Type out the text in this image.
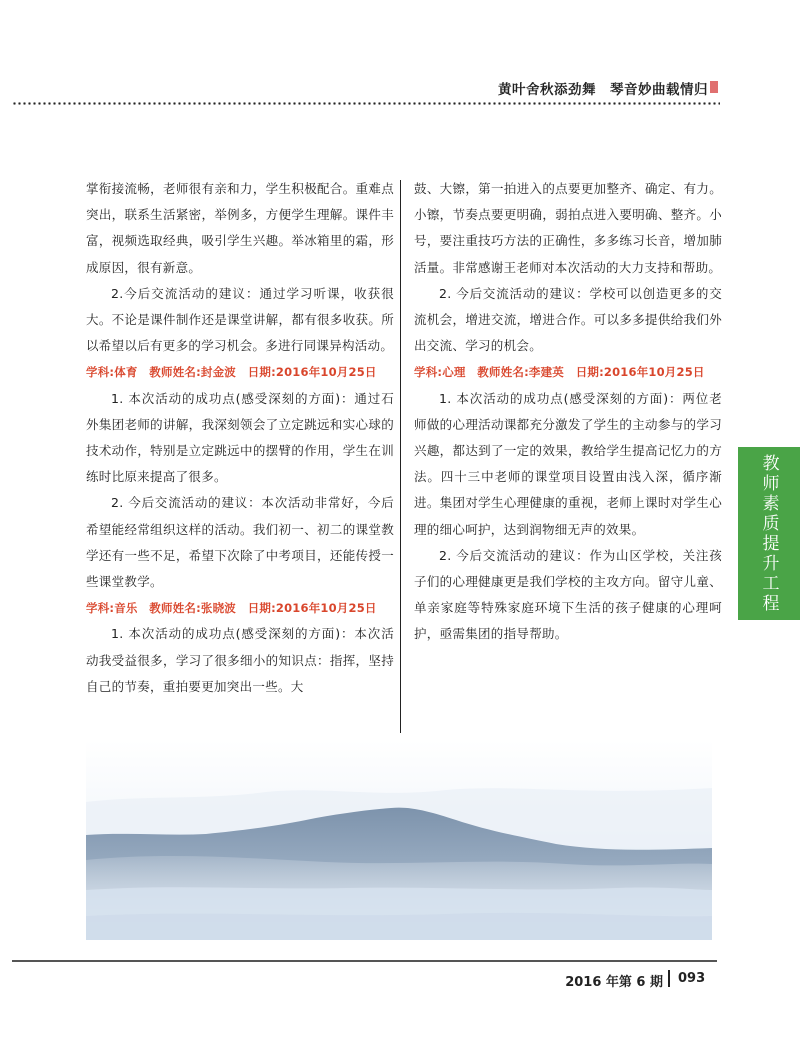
黄叶舍秋添劲舞　琴音妙曲载情归

掌衔接流畅，老师很有亲和力，学生积极配合。重难点突出，联系生活紧密，举例多，方便学生理解。课件丰富，视频选取经典，吸引学生兴趣。举冰箱里的霜，形成原因，很有新意。

2.今后交流活动的建议：通过学习听课，收获很大。不论是课件制作还是课堂讲解，都有很多收获。所以希望以后有更多的学习机会。多进行同课异构活动。

学科:体育　教师姓名:封金波　日期:2016年10月25日

1. 本次活动的成功点(感受深刻的方面)：通过石外集团老师的讲解，我深刻领会了立定跳远和实心球的技术动作，特别是立定跳远中的摆臂的作用，学生在训练时比原来提高了很多。

2. 今后交流活动的建议：本次活动非常好，今后希望能经常组织这样的活动。我们初一、初二的课堂教学还有一些不足，希望下次除了中考项目，还能传授一些课堂教学。

学科:音乐　教师姓名:张晓波　日期:2016年10月25日

1. 本次活动的成功点(感受深刻的方面)：本次活动我受益很多，学习了很多细小的知识点：指挥，坚持自己的节奏，重拍要更加突出一些。大

鼓、大镲，第一拍进入的点要更加整齐、确定、有力。小镲，节奏点要更明确，弱拍点进入要明确、整齐。小号，要注重技巧方法的正确性，多多练习长音，增加肺活量。非常感谢王老师对本次活动的大力支持和帮助。

2. 今后交流活动的建议：学校可以创造更多的交流机会，增进交流，增进合作。可以多多提供给我们外出交流、学习的机会。

学科:心理　教师姓名:李建英　日期:2016年10月25日

1. 本次活动的成功点(感受深刻的方面)：两位老师做的心理活动课都充分激发了学生的主动参与的学习兴趣，都达到了一定的效果，教给学生提高记忆力的方法。四十三中老师的课堂项目设置由浅入深，循序渐进。集团对学生心理健康的重视，老师上课时对学生心理的细心呵护，达到润物细无声的效果。

2. 今后交流活动的建议：作为山区学校，关注孩子们的心理健康更是我们学校的主攻方向。留守儿童、单亲家庭等特殊家庭环境下生活的孩子健康的心理呵护，亟需集团的指导帮助。

教师素质提升工程
2016 年第 6 期 093
